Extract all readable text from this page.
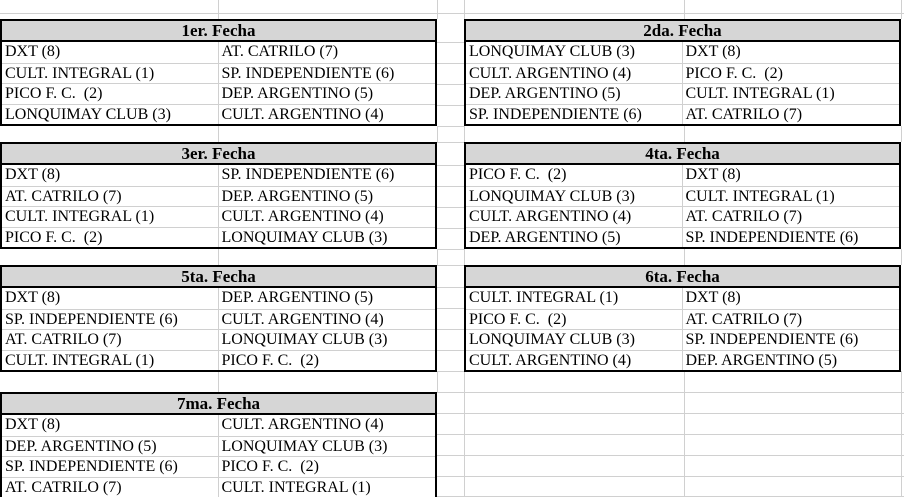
1er. Fecha
DXT (8)	AT. CATRILO (7)
CULT. INTEGRAL (1)	SP. INDEPENDIENTE (6)
PICO F. C.  (2)	DEP. ARGENTINO (5)
LONQUIMAY CLUB (3)	CULT. ARGENTINO (4)
2da. Fecha
LONQUIMAY CLUB (3)	DXT (8)
CULT. ARGENTINO (4)	PICO F. C.  (2)
DEP. ARGENTINO (5)	CULT. INTEGRAL (1)
SP. INDEPENDIENTE (6)	AT. CATRILO (7)
3er. Fecha
DXT (8)	SP. INDEPENDIENTE (6)
AT. CATRILO (7)	DEP. ARGENTINO (5)
CULT. INTEGRAL (1)	CULT. ARGENTINO (4)
PICO F. C.  (2)	LONQUIMAY CLUB (3)
4ta. Fecha
PICO F. C.  (2)	DXT (8)
LONQUIMAY CLUB (3)	CULT. INTEGRAL (1)
CULT. ARGENTINO (4)	AT. CATRILO (7)
DEP. ARGENTINO (5)	SP. INDEPENDIENTE (6)
5ta. Fecha
DXT (8)	DEP. ARGENTINO (5)
SP. INDEPENDIENTE (6)	CULT. ARGENTINO (4)
AT. CATRILO (7)	LONQUIMAY CLUB (3)
CULT. INTEGRAL (1)	PICO F. C.  (2)
6ta. Fecha
CULT. INTEGRAL (1)	DXT (8)
PICO F. C.  (2)	AT. CATRILO (7)
LONQUIMAY CLUB (3)	SP. INDEPENDIENTE (6)
CULT. ARGENTINO (4)	DEP. ARGENTINO (5)
7ma. Fecha
DXT (8)	CULT. ARGENTINO (4)
DEP. ARGENTINO (5)	LONQUIMAY CLUB (3)
SP. INDEPENDIENTE (6)	PICO F. C.  (2)
AT. CATRILO (7)	CULT. INTEGRAL (1)
